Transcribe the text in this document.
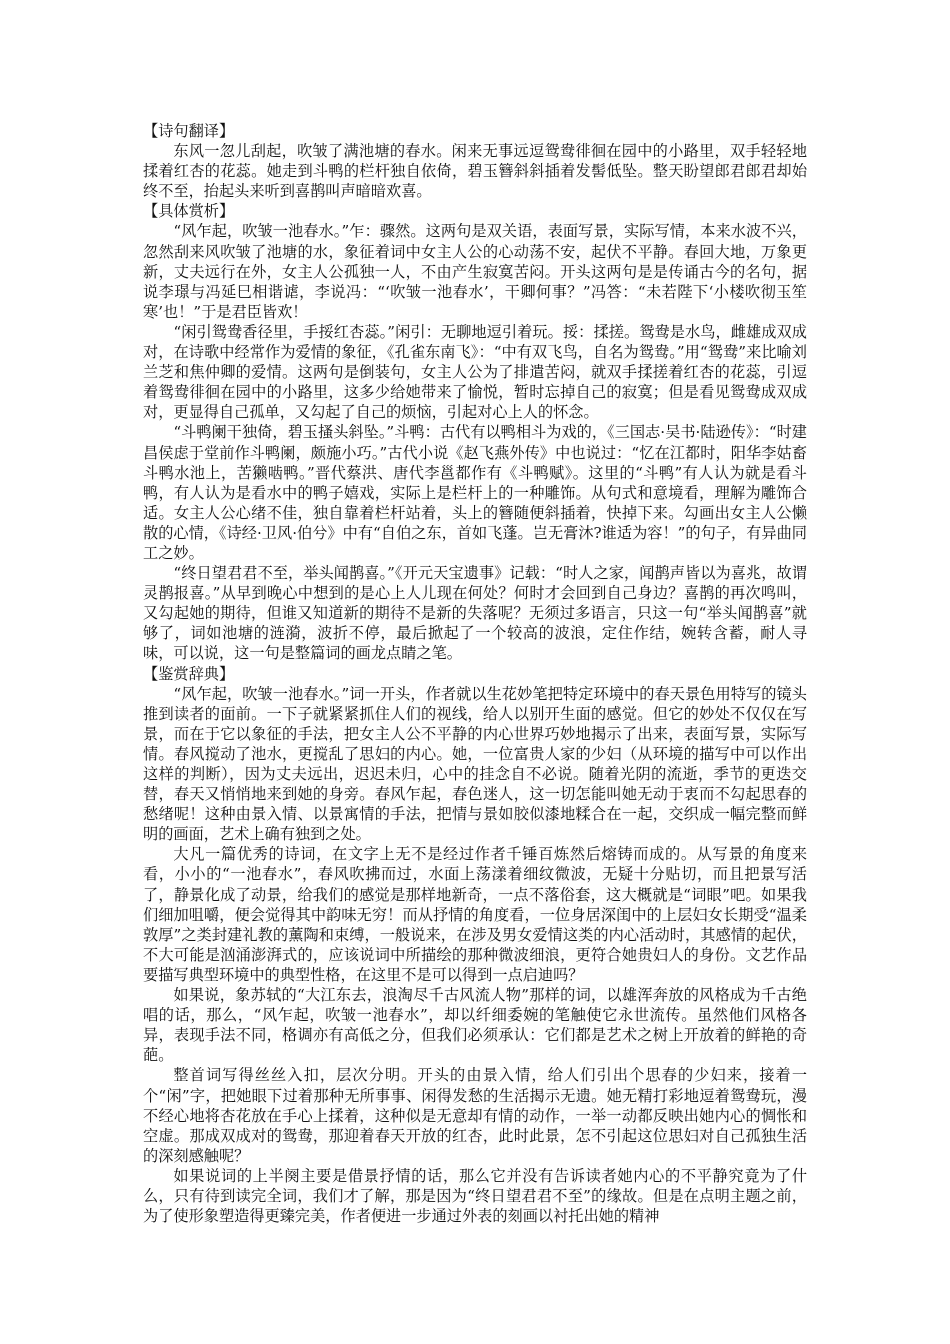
【诗句翻译】

东风一忽儿刮起，吹皱了满池塘的春水。闲来无事远逗鸳鸯徘徊在园中的小路里，双手轻轻地揉着红杏的花蕊。她走到斗鸭的栏杆独自依倚，碧玉簪斜斜插着发髻低坠。整天盼望郎君郎君却始终不至，抬起头来听到喜鹊叫声暗暗欢喜。

【具体赏析】

“风乍起，吹皱一池春水。”乍：骤然。这两句是双关语，表面写景，实际写情，本来水波不兴，忽然刮来风吹皱了池塘的水，象征着词中女主人公的心动荡不安，起伏不平静。春回大地，万象更新，丈夫远行在外，女主人公孤独一人，不由产生寂寞苦闷。开头这两句是是传诵古今的名句，据说李璟与冯延巳相谐谑，李说冯：“‘吹皱一池春水’，干卿何事？”冯答：“未若陛下‘小楼吹彻玉笙寒’也！”于是君臣皆欢！

“闲引鸳鸯香径里，手挼红杏蕊。”闲引：无聊地逗引着玩。挼：揉搓。鸳鸯是水鸟，雌雄成双成对，在诗歌中经常作为爱情的象征，《孔雀东南飞》：“中有双飞鸟，自名为鸳鸯。”用“鸳鸯”来比喻刘兰芝和焦仲卿的爱情。这两句是倒装句，女主人公为了排遣苦闷，就双手揉搓着红杏的花蕊，引逗着鸳鸯徘徊在园中的小路里，这多少给她带来了愉悦，暂时忘掉自己的寂寞；但是看见鸳鸯成双成对，更显得自己孤单，又勾起了自己的烦恼，引起对心上人的怀念。

“斗鸭阑干独倚，碧玉搔头斜坠。”斗鸭：古代有以鸭相斗为戏的，《三国志·吴书·陆逊传》：“时建昌侯虑于堂前作斗鸭阑，颇施小巧。”古代小说《赵飞燕外传》中也说过：“忆在江都时，阳华李姑畜斗鸭水池上，苦獭啮鸭。”晋代蔡洪、唐代李邕都作有《斗鸭赋》。这里的“斗鸭”有人认为就是看斗鸭，有人认为是看水中的鸭子嬉戏，实际上是栏杆上的一种雕饰。从句式和意境看，理解为雕饰合适。女主人公心绪不佳，独自靠着栏杆站着，头上的簪随便斜插着，快掉下来。勾画出女主人公懒散的心情，《诗经·卫风·伯兮》中有“自伯之东，首如飞蓬。岂无膏沐?谁适为容！”的句子，有异曲同工之妙。

“终日望君君不至，举头闻鹊喜。”《开元天宝遗事》记载：“时人之家，闻鹊声皆以为喜兆，故谓灵鹊报喜。”从早到晚心中想到的是心上人儿现在何处？何时才会回到自己身边？喜鹊的再次鸣叫，又勾起她的期待，但谁又知道新的期待不是新的失落呢？无须过多语言，只这一句“举头闻鹊喜”就够了，词如池塘的涟漪，波折不停，最后掀起了一个较高的波浪，定住作结，婉转含蓄，耐人寻味，可以说，这一句是整篇词的画龙点睛之笔。

【鉴赏辞典】

“风乍起，吹皱一池春水。”词一开头，作者就以生花妙笔把特定环境中的春天景色用特写的镜头推到读者的面前。一下子就紧紧抓住人们的视线，给人以别开生面的感觉。但它的妙处不仅仅在写景，而在于它以象征的手法，把女主人公不平静的内心世界巧妙地揭示了出来，表面写景，实际写情。春风搅动了池水，更搅乱了思妇的内心。她，一位富贵人家的少妇（从环境的描写中可以作出这样的判断），因为丈夫远出，迟迟未归，心中的挂念自不必说。随着光阴的流逝，季节的更迭交替，春天又悄悄地来到她的身旁。春风乍起，春色迷人，这一切怎能叫她无动于衷而不勾起思春的愁绪呢！这种由景入情、以景寓情的手法，把情与景如胶似漆地糅合在一起，交织成一幅完整而鲜明的画面，艺术上确有独到之处。

大凡一篇优秀的诗词，在文字上无不是经过作者千锤百炼然后熔铸而成的。从写景的角度来看，小小的“一池春水”，春风吹拂而过，水面上荡漾着细纹微波，无疑十分贴切，而且把景写活了，静景化成了动景，给我们的感觉是那样地新奇，一点不落俗套，这大概就是“词眼”吧。如果我们细加咀嚼，便会觉得其中韵味无穷！而从抒情的角度看，一位身居深闺中的上层妇女长期受“温柔敦厚”之类封建礼教的薰陶和束缚，一般说来，在涉及男女爱情这类的内心活动时，其感情的起伏，不大可能是汹涌澎湃式的，应该说词中所描绘的那种微波细浪，更符合她贵妇人的身份。文艺作品要描写典型环境中的典型性格，在这里不是可以得到一点启迪吗？

如果说，象苏轼的“大江东去，浪淘尽千古风流人物”那样的词，以雄浑奔放的风格成为千古绝唱的话，那么，“风乍起，吹皱一池春水”，却以纤细委婉的笔触使它永世流传。虽然他们风格各异，表现手法不同，格调亦有高低之分，但我们必须承认：它们都是艺术之树上开放着的鲜艳的奇葩。

整首词写得丝丝入扣，层次分明。开头的由景入情，给人们引出个思春的少妇来，接着一个“闲”字，把她眼下过着那种无所事事、闲得发愁的生活揭示无遗。她无精打彩地逗着鸳鸯玩，漫不经心地将杏花放在手心上揉着，这种似是无意却有情的动作，一举一动都反映出她内心的惆怅和空虚。那成双成对的鸳鸯，那迎着春天开放的红杏，此时此景，怎不引起这位思妇对自己孤独生活的深刻感触呢？

如果说词的上半阕主要是借景抒情的话，那么它并没有告诉读者她内心的不平静究竟为了什么，只有待到读完全词，我们才了解，那是因为“终日望君君不至”的缘故。但是在点明主题之前，为了使形象塑造得更臻完美，作者便进一步通过外表的刻画以衬托出她的精神
